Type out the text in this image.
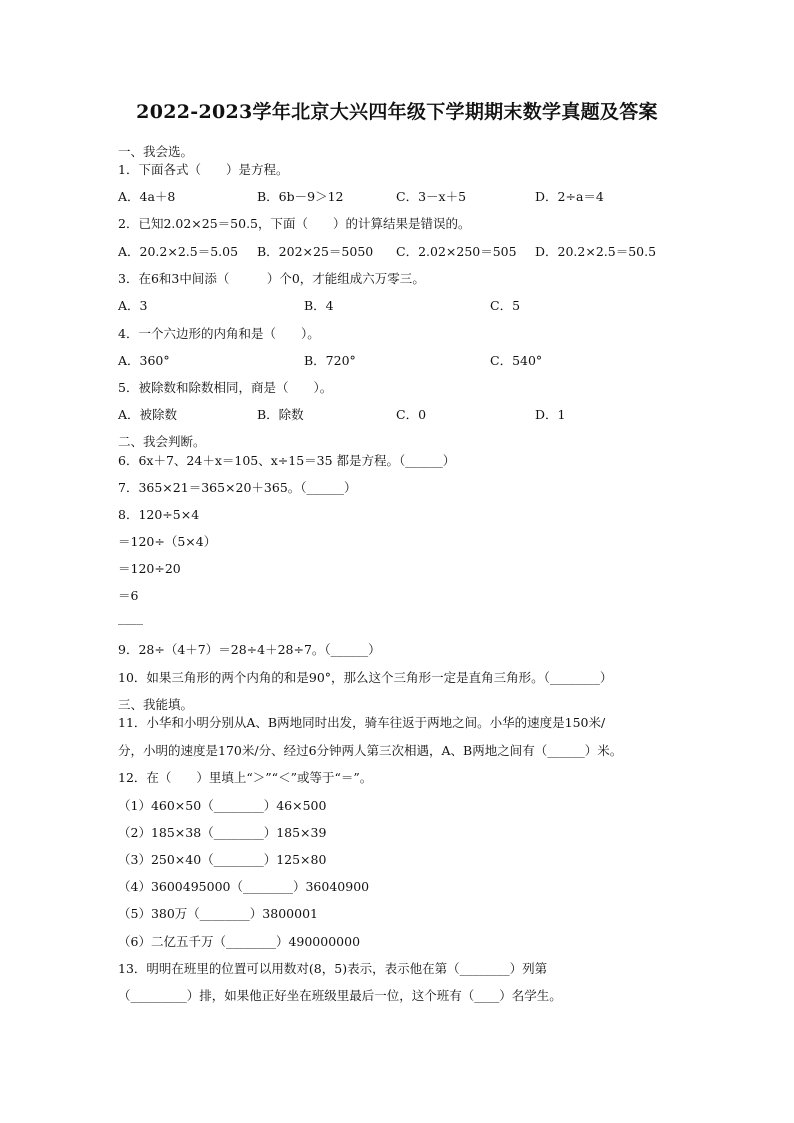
2022-2023学年北京大兴四年级下学期期末数学真题及答案
一、我会选。
1．下面各式（　　）是方程。
A．4a＋8	B．6b－9＞12	C．3－x＋5	D．2÷a＝4
2．已知2.02×25＝50.5，下面（　　）的计算结果是错误的。
A．20.2×2.5＝5.05 B．202×25＝5050 C．2.02×250＝505 D．20.2×2.5＝50.5
3．在6和3中间添（　　　）个0，才能组成六万零三。
A．3	B．4	C．5
4．一个六边形的内角和是（　　）。
A．360°	B．720°	C．540°
5．被除数和除数相同，商是（　　）。
A．被除数	B．除数	C．0	D．1
二、我会判断。
6．6x＋7、24＋x＝105、x÷15＝35 都是方程。（______）
7．365×21＝365×20＋365。（______）
8．120÷5×4
＝120÷（5×4）
＝120÷20
＝6
____
9．28÷（4＋7）＝28÷4＋28÷7。（______）
10．如果三角形的两个内角的和是90°，那么这个三角形一定是直角三角形。（________）
三、我能填。
11．小华和小明分别从A、B两地同时出发，骑车往返于两地之间。小华的速度是150米/
分，小明的速度是170米/分、经过6分钟两人第三次相遇，A、B两地之间有（______）米。
12．在（　　）里填上“＞”“＜”或等于“＝”。
（1）460×50（________）46×500
（2）185×38（________）185×39
（3）250×40（________）125×80
（4）3600495000（________）36040900
（5）380万（________）3800001
（6）二亿五千万（________）490000000
13．明明在班里的位置可以用数对(8，5)表示，表示他在第（________）列第
（_________）排，如果他正好坐在班级里最后一位，这个班有（____）名学生。
